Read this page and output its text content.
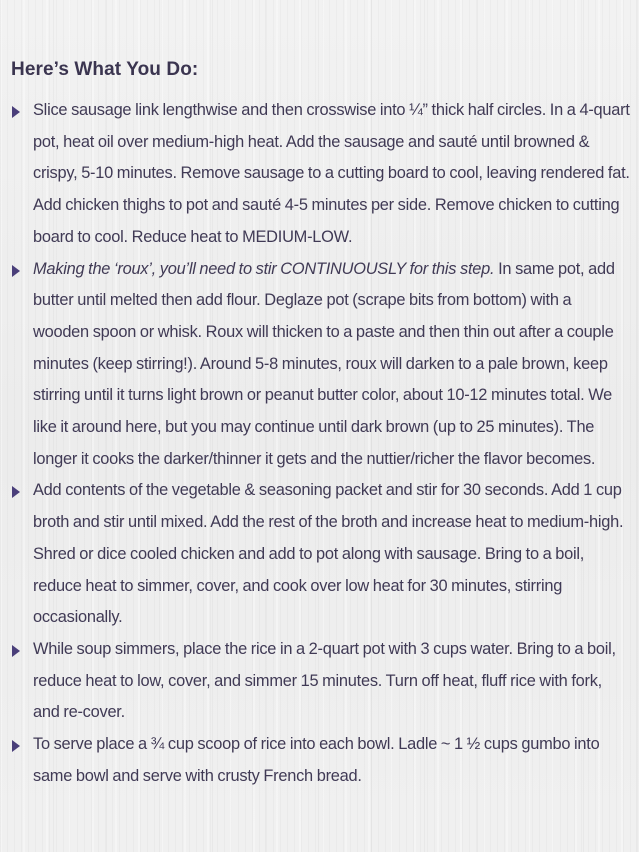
Here’s What You Do:
Slice sausage link lengthwise and then crosswise into ¼” thick half circles. In a 4-quart pot, heat oil over medium-high heat. Add the sausage and sauté until browned & crispy, 5-10 minutes. Remove sausage to a cutting board to cool, leaving rendered fat. Add chicken thighs to pot and sauté 4-5 minutes per side. Remove chicken to cutting board to cool. Reduce heat to MEDIUM-LOW.
Making the ‘roux’, you’ll need to stir CONTINUOUSLY for this step. In same pot, add butter until melted then add flour. Deglaze pot (scrape bits from bottom) with a wooden spoon or whisk. Roux will thicken to a paste and then thin out after a couple minutes (keep stirring!). Around 5-8 minutes, roux will darken to a pale brown, keep stirring until it turns light brown or peanut butter color, about 10-12 minutes total. We like it around here, but you may continue until dark brown (up to 25 minutes). The longer it cooks the darker/thinner it gets and the nuttier/richer the flavor becomes.
Add contents of the vegetable & seasoning packet and stir for 30 seconds. Add 1 cup broth and stir until mixed. Add the rest of the broth and increase heat to medium-high. Shred or dice cooled chicken and add to pot along with sausage. Bring to a boil, reduce heat to simmer, cover, and cook over low heat for 30 minutes, stirring occasionally.
While soup simmers, place the rice in a 2-quart pot with 3 cups water. Bring to a boil, reduce heat to low, cover, and simmer 15 minutes. Turn off heat, fluff rice with fork, and re-cover.
To serve place a ¾ cup scoop of rice into each bowl. Ladle ~ 1 ½ cups gumbo into same bowl and serve with crusty French bread.
